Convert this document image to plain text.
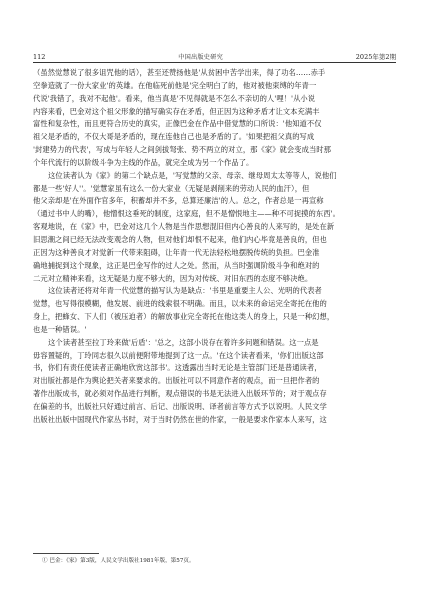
112	中国出版史研究	2025年第2期
（虽然觉慧说了很多诅咒他的话），甚至还赞扬他是'从贫困中苦学出来，得了功名……赤手
空拳造就了一份大家业'的英雄。在他临死前他是'完全明白了的，他对被他束缚的年青一
代说'我错了，我对不起他'。看来，他当真是'不见得就是不怎么不亲切的人'哩！'从小说
内容来看，巴金对这个祖父形象的描写确实存在矛盾，但正因为这种矛盾才让文本充满丰
富性和复杂性，而且更符合历史的真实，正像巴金在作品中借觉慧的口所说：'他知道不仅
祖父是矛盾的，不仅大哥是矛盾的，现在连他自己也是矛盾的了。'如果把祖父真的写成
'封建势力的代表'，写成与年轻人之间剑拔弩张、势不两立的对立，那《家》就会变成当时那
个年代流行的以阶级斗争为主线的作品，就完全成为另一个作品了。
这位读者认为《家》的第二个缺点是，'写觉慧的父亲、母亲、继母周太太等等人，说他们
都是一些'好人''。'觉慧家虽有这么一份大家业（无疑是剥削来的劳动人民的血汗），但
他父亲却是'在外面作官多年，积蓄却并不多，总算还廉洁'的人。总之，作者总是一再宣称
（通过书中人的嘴），他憎恨这垂死的制度，这家庭，但不是憎恨地主——种不可捉摸的东西'。
客观地说，在《家》中，巴金对这几个人物是当作思想混旧但内心善良的人来写的，是处在新
旧思潮之间已经无法改变观念的人物，但对他们却恨不起来，他们内心毕竟是善良的，但也
正因为这种善良才对觉新一代带来阻碍，让年青一代无法轻松地摆脱传统的负担。巴金准
确地捕捉到这个现象，这正是巴金写作的过人之处。然而，从当时强调阶级斗争和绝对的
二元对立精神来看，这无疑是力度不够大的，因为对传统、对旧东西的态度不够决绝。
这位读者还将对年青一代觉慧的描写认为是缺点：'书里是重要主人公、光明的代表者
觉慧，也写得很模糊，他发展、前进的线索很不明确。而且，以未来的命运完全寄托在他的
身上，把蜂女、下人们（被压迫者）的解放事业完全寄托在他这类人的身上，只是一种幻想，
也是一种错误。'
这个读者甚至拉丁玲来做'后盾'：'总之，这部小说存在着许多问题和错误。这一点是
毋容置疑的，丁玲同志很久以前便附带地提到了这一点。'在这个读者看来，'你们出版这部
书，你们有责任使读者正确地欣赏这部书'。这透露出当时无论是主管部门还是普通读者，
对出版社都是作为舆论把关者来要求的。出版社可以不同意作者的观点，而一旦把作者的
著作出版成书，就必须对作品进行判断，观点错误的书是无法进入出版环节的；对于观点存
在偏差的书，出版社只好通过前言、后记、出版说明、译者前言等方式予以说明。人民文学
出版社出版中国现代作家丛书时，对于当时仍然在世的作家，一般是要求作家本人来写，这
① 巴金：《家》第3版，人民文学出版社1981年版，第57页。
